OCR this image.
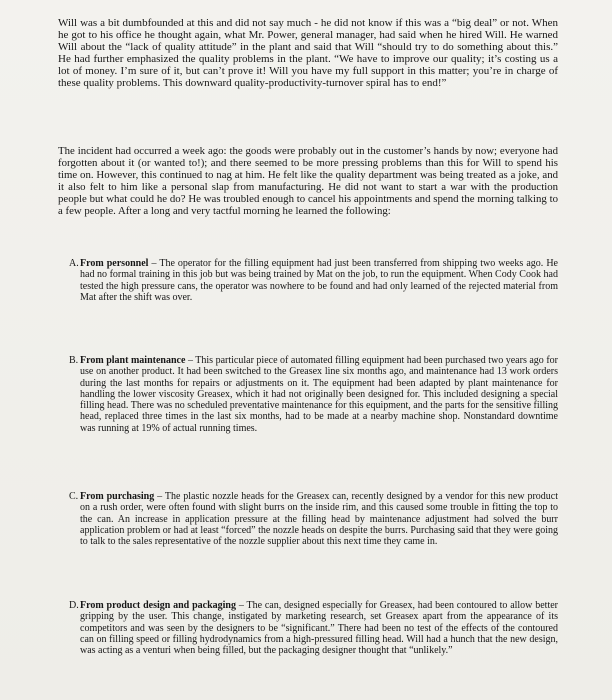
Will was a bit dumbfounded at this and did not say much - he did not know if this was a “big deal” or not. When he got to his office he thought again, what Mr. Power, general manager, had said when he hired Will. He warned Will about the “lack of quality attitude” in the plant and said that Will “should try to do something about this.” He had further emphasized the quality problems in the plant. “We have to improve our quality; it’s costing us a lot of money. I’m sure of it, but can’t prove it! Will you have my full support in this matter; you’re in charge of these quality problems. This downward quality-productivity-turnover spiral has to end!”

The incident had occurred a week ago: the goods were probably out in the customer’s hands by now; everyone had forgotten about it (or wanted to!); and there seemed to be more pressing problems than this for Will to spend his time on. However, this continued to nag at him. He felt like the quality department was being treated as a joke, and it also felt to him like a personal slap from manufacturing. He did not want to start a war with the production people but what could he do? He was troubled enough to cancel his appointments and spend the morning talking to a few people. After a long and very tactful morning he learned the following:

A. From personnel – The operator for the filling equipment had just been transferred from shipping two weeks ago. He had no formal training in this job but was being trained by Mat on the job, to run the equipment. When Cody Cook had tested the high pressure cans, the operator was nowhere to be found and had only learned of the rejected material from Mat after the shift was over.
B. From plant maintenance – This particular piece of automated filling equipment had been purchased two years ago for use on another product. It had been switched to the Greasex line six months ago, and maintenance had 13 work orders during the last months for repairs or adjustments on it. The equipment had been adapted by plant maintenance for handling the lower viscosity Greasex, which it had not originally been designed for. This included designing a special filling head. There was no scheduled preventative maintenance for this equipment, and the parts for the sensitive filling head, replaced three times in the last six months, had to be made at a nearby machine shop. Nonstandard downtime was running at 19% of actual running times.
C. From purchasing – The plastic nozzle heads for the Greasex can, recently designed by a vendor for this new product on a rush order, were often found with slight burrs on the inside rim, and this caused some trouble in fitting the top to the can. An increase in application pressure at the filling head by maintenance adjustment had solved the burr application problem or had at least “forced” the nozzle heads on despite the burrs. Purchasing said that they were going to talk to the sales representative of the nozzle supplier about this next time they came in.
D. From product design and packaging – The can, designed especially for Greasex, had been contoured to allow better gripping by the user. This change, instigated by marketing research, set Greasex apart from the appearance of its competitors and was seen by the designers to be “significant.” There had been no test of the effects of the contoured can on filling speed or filling hydrodynamics from a high-pressured filling head. Will had a hunch that the new design, was acting as a venturi when being filled, but the packaging designer thought that “unlikely.”
